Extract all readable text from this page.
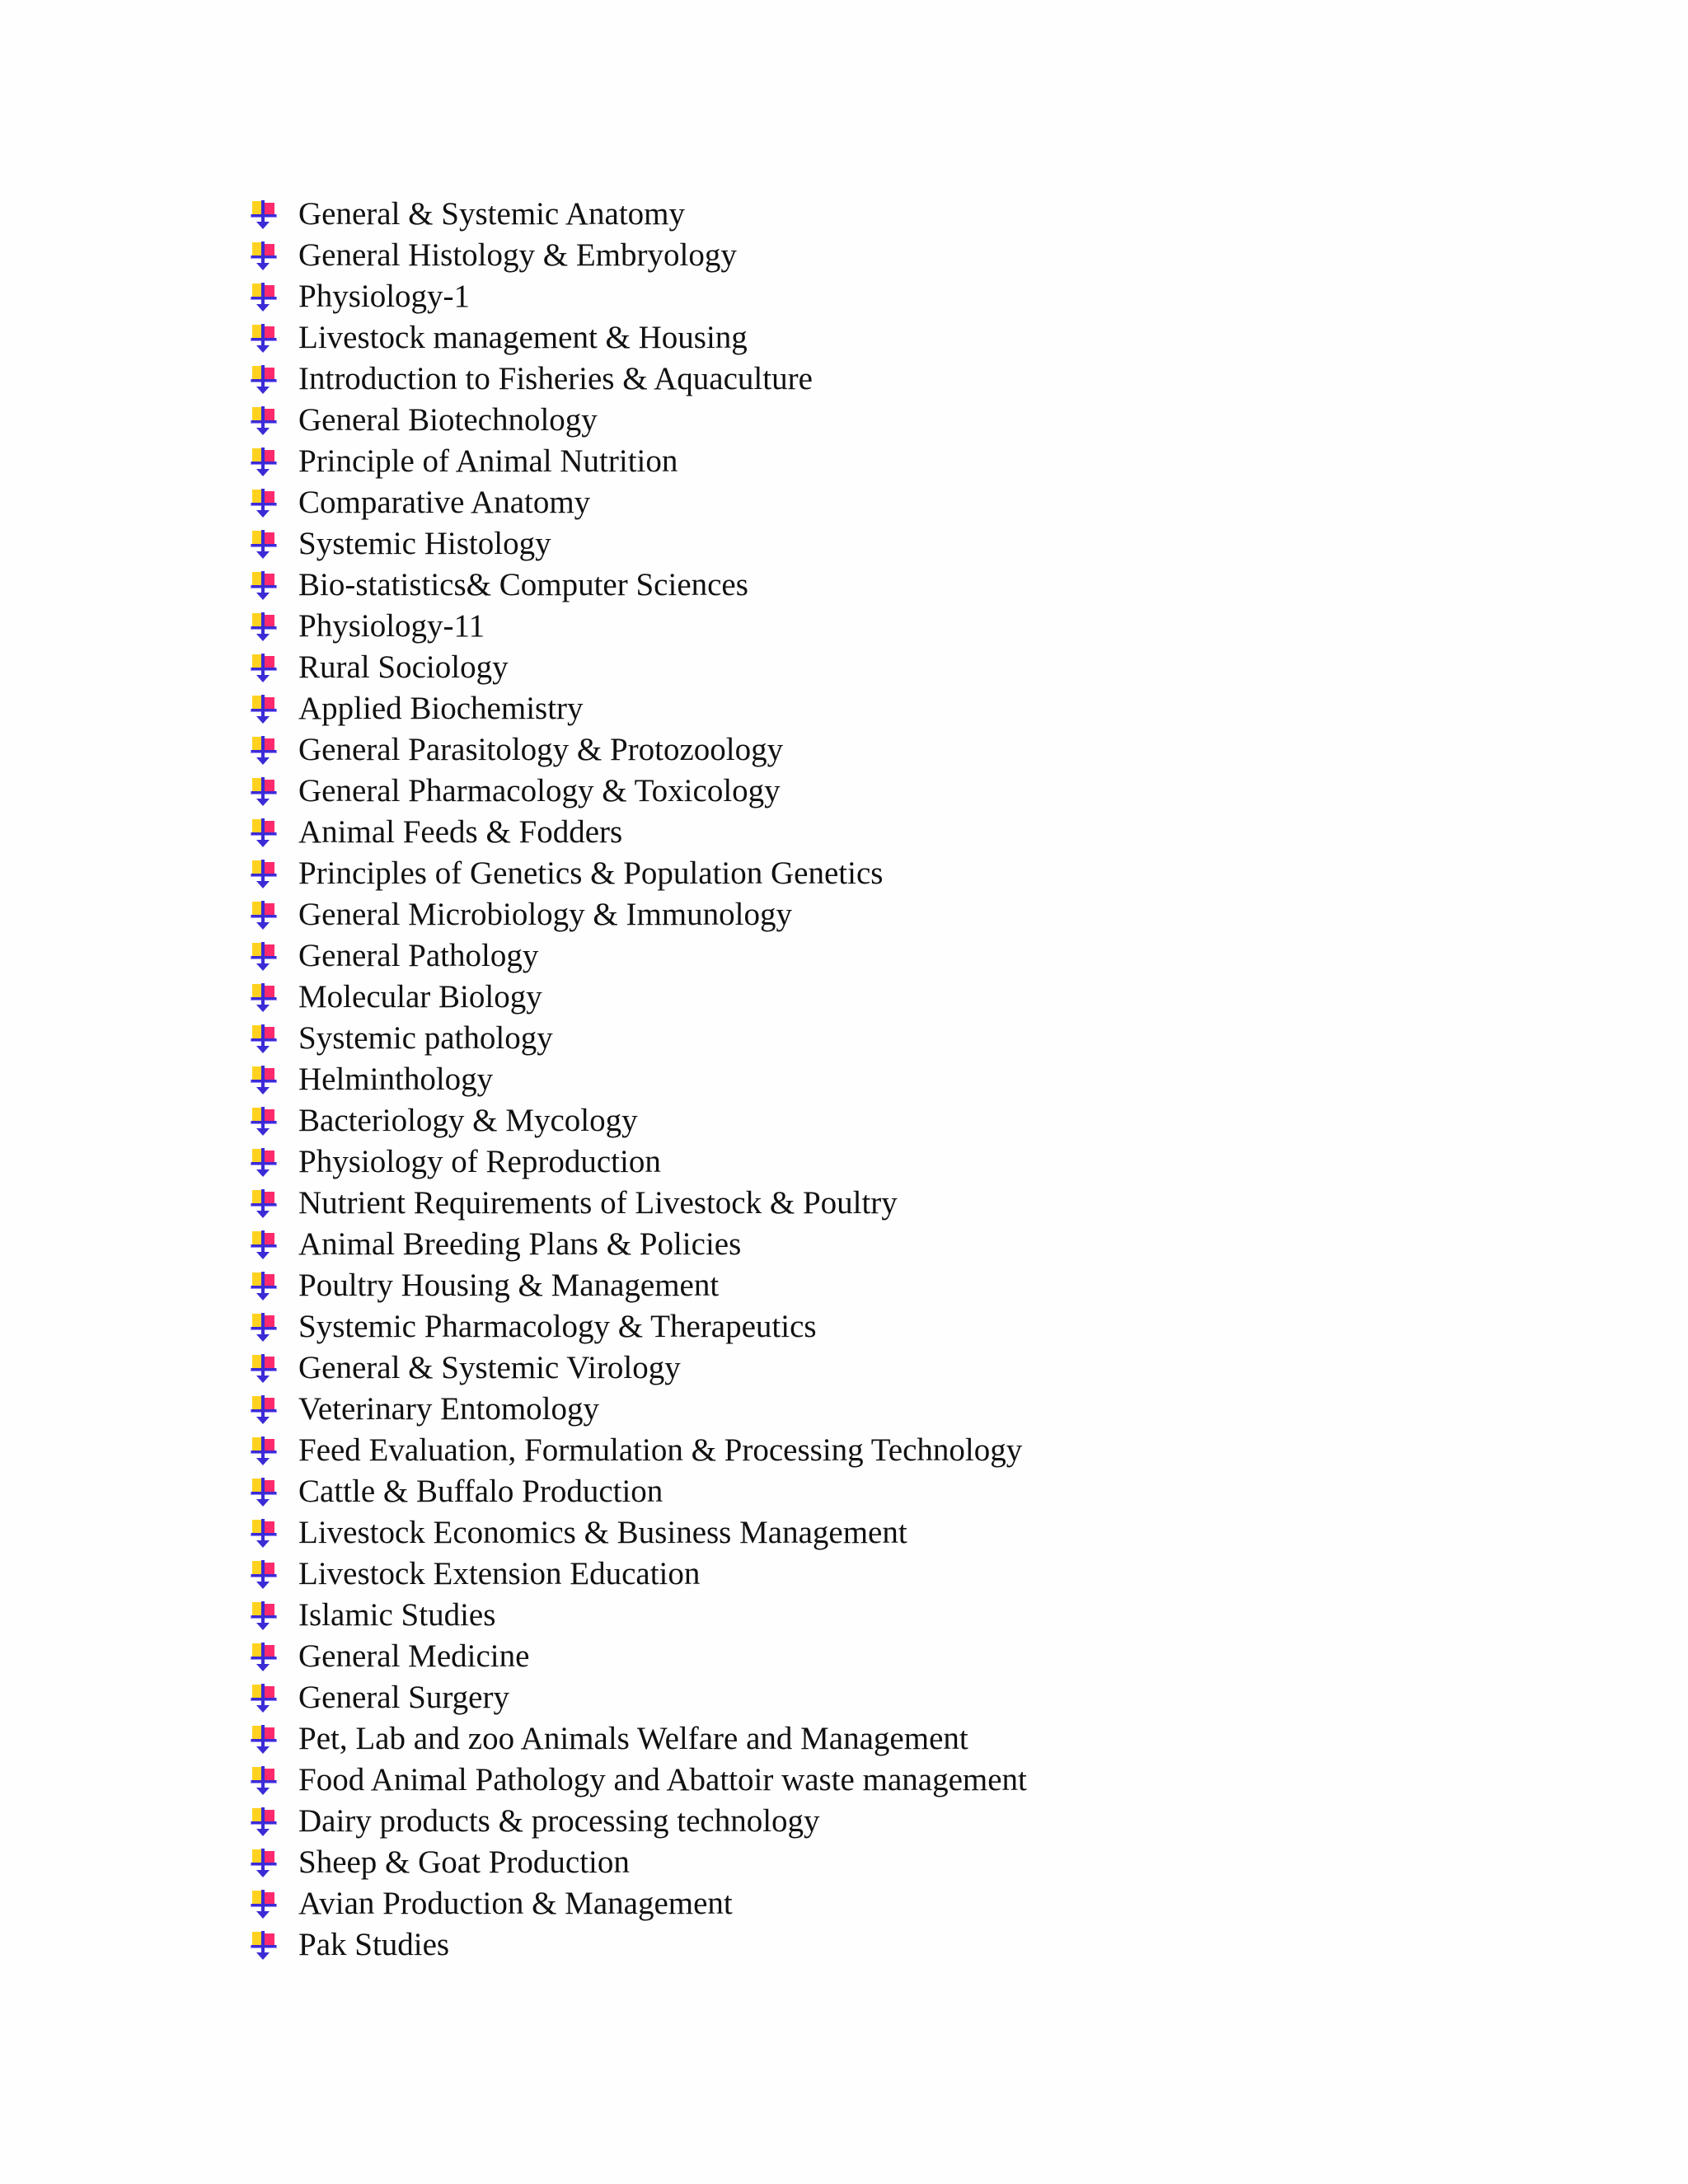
General & Systemic Anatomy
General Histology & Embryology
Physiology-1
Livestock management & Housing
Introduction to Fisheries & Aquaculture
General Biotechnology
Principle of Animal Nutrition
Comparative Anatomy
Systemic Histology
Bio-statistics& Computer Sciences
Physiology-11
Rural Sociology
Applied Biochemistry
General Parasitology & Protozoology
General Pharmacology & Toxicology
Animal Feeds & Fodders
Principles of Genetics & Population Genetics
General Microbiology & Immunology
General Pathology
Molecular Biology
Systemic pathology
Helminthology
Bacteriology & Mycology
Physiology of Reproduction
Nutrient Requirements of Livestock & Poultry
Animal Breeding Plans & Policies
Poultry Housing & Management
Systemic Pharmacology & Therapeutics
General & Systemic Virology
Veterinary Entomology
Feed Evaluation, Formulation & Processing Technology
Cattle & Buffalo Production
Livestock Economics & Business Management
Livestock Extension Education
Islamic Studies
General Medicine
General Surgery
Pet, Lab and zoo Animals Welfare and Management
Food Animal Pathology and Abattoir waste management
Dairy products & processing technology
Sheep & Goat Production
Avian Production & Management
Pak Studies
